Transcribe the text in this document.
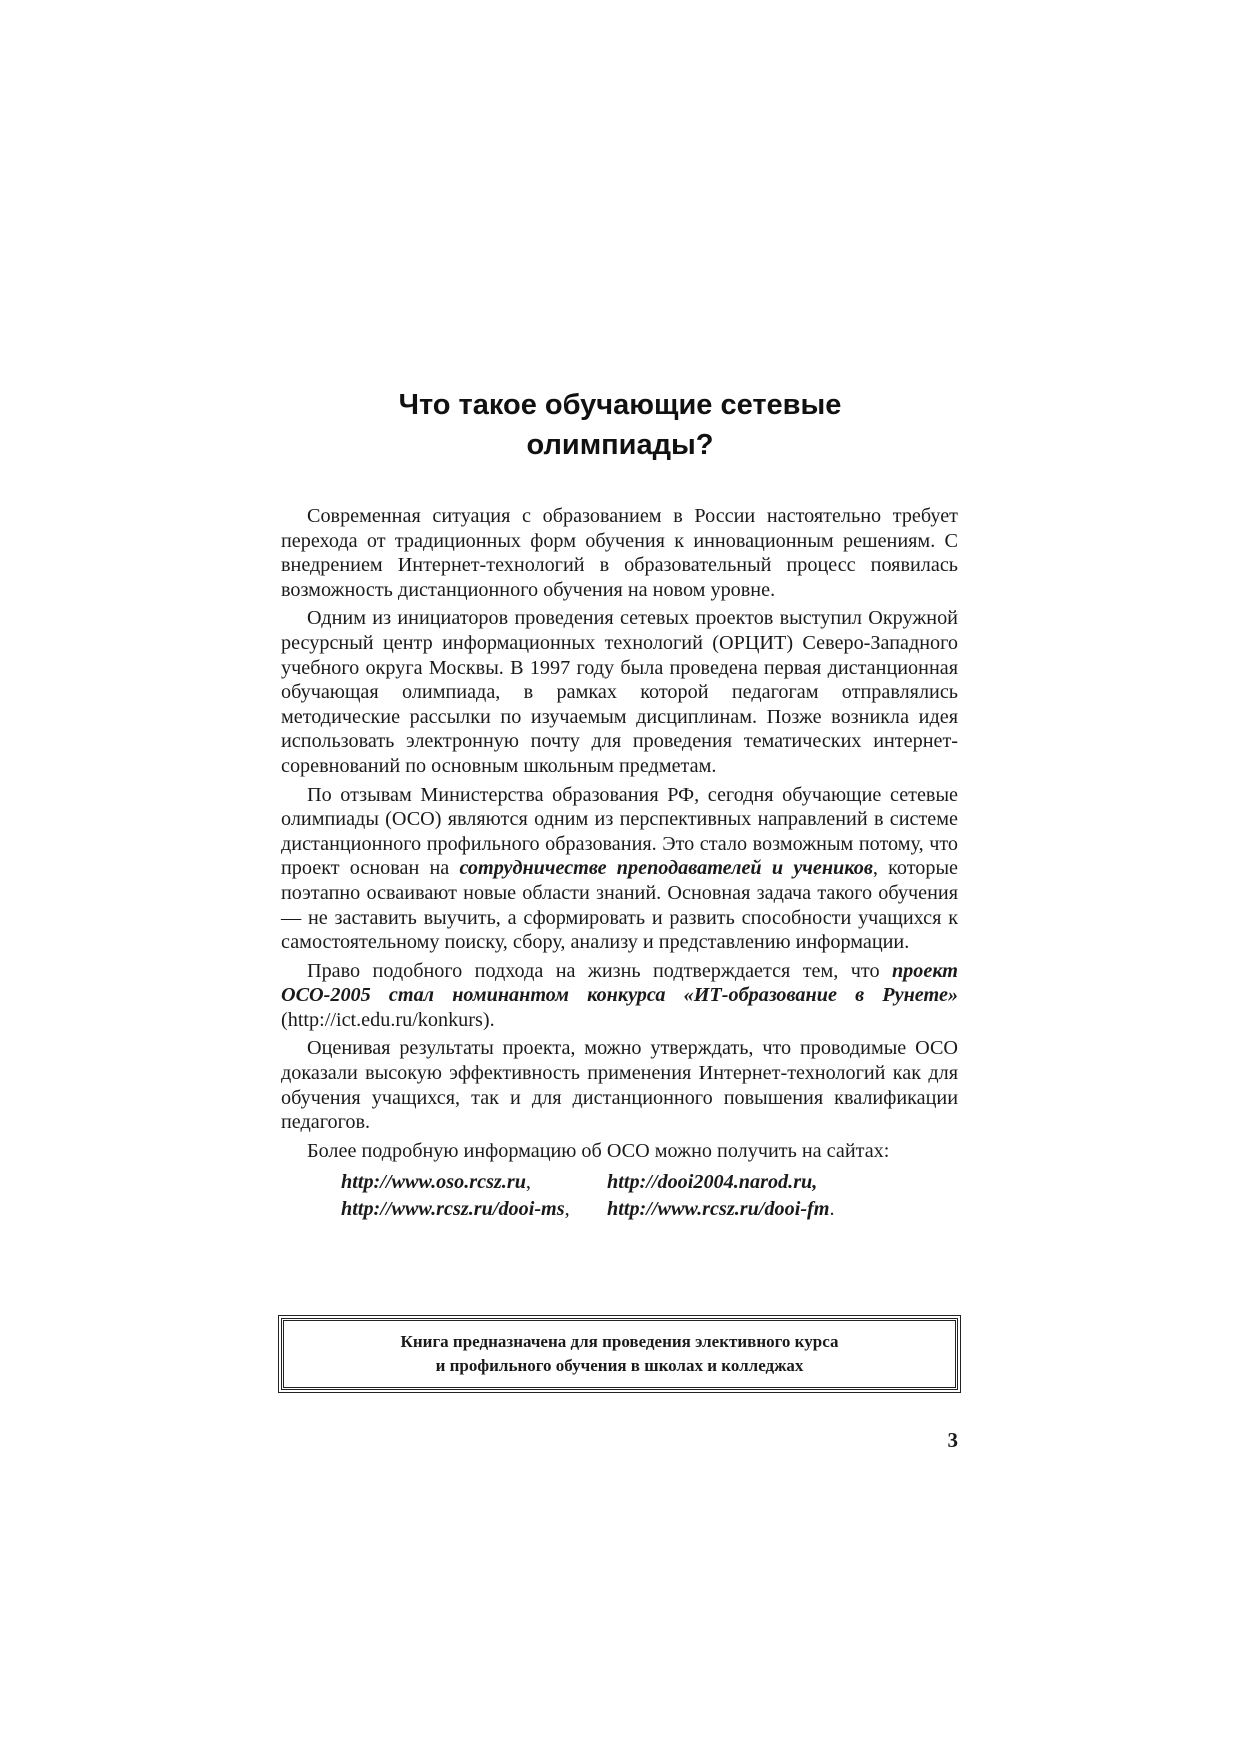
Что такое обучающие сетевые
олимпиады?

Современная ситуация с образованием в России настоятельно требует перехода от традиционных форм обучения к инновационным решениям. С внедрением Интернет-технологий в образовательный процесс появилась возможность дистанционного обучения на новом уровне.

Одним из инициаторов проведения сетевых проектов выступил Окружной ресурсный центр информационных технологий (ОРЦИТ) Северо-Западного учебного округа Москвы. В 1997 году была проведена первая дистанционная обучающая олимпиада, в рамках которой педагогам отправлялись методические рассылки по изучаемым дисциплинам. Позже возникла идея использовать электронную почту для проведения тематических интернет-соревнований по основным школьным предметам.

По отзывам Министерства образования РФ, сегодня обучающие сетевые олимпиады (ОСО) являются одним из перспективных направлений в системе дистанционного профильного образования. Это стало возможным потому, что проект основан на сотрудничестве преподавателей и учеников, которые поэтапно осваивают новые области знаний. Основная задача такого обучения — не заставить выучить, а сформировать и развить способности учащихся к самостоятельному поиску, сбору, анализу и представлению информации.

Право подобного подхода на жизнь подтверждается тем, что проект ОСО-2005 стал номинантом конкурса «ИТ-образование в Рунете» (http://ict.edu.ru/konkurs).

Оценивая результаты проекта, можно утверждать, что проводимые ОСО доказали высокую эффективность применения Интернет-технологий как для обучения учащихся, так и для дистанционного повышения квалификации педагогов.

Более подробную информацию об ОСО можно получить на сайтах:

http://www.oso.rcsz.ru,	http://dooi2004.narod.ru,
http://www.rcsz.ru/dooi-ms,	http://www.rcsz.ru/dooi-fm.
Книга предназначена для проведения элективного курса
и профильного обучения в школах и колледжах
3
